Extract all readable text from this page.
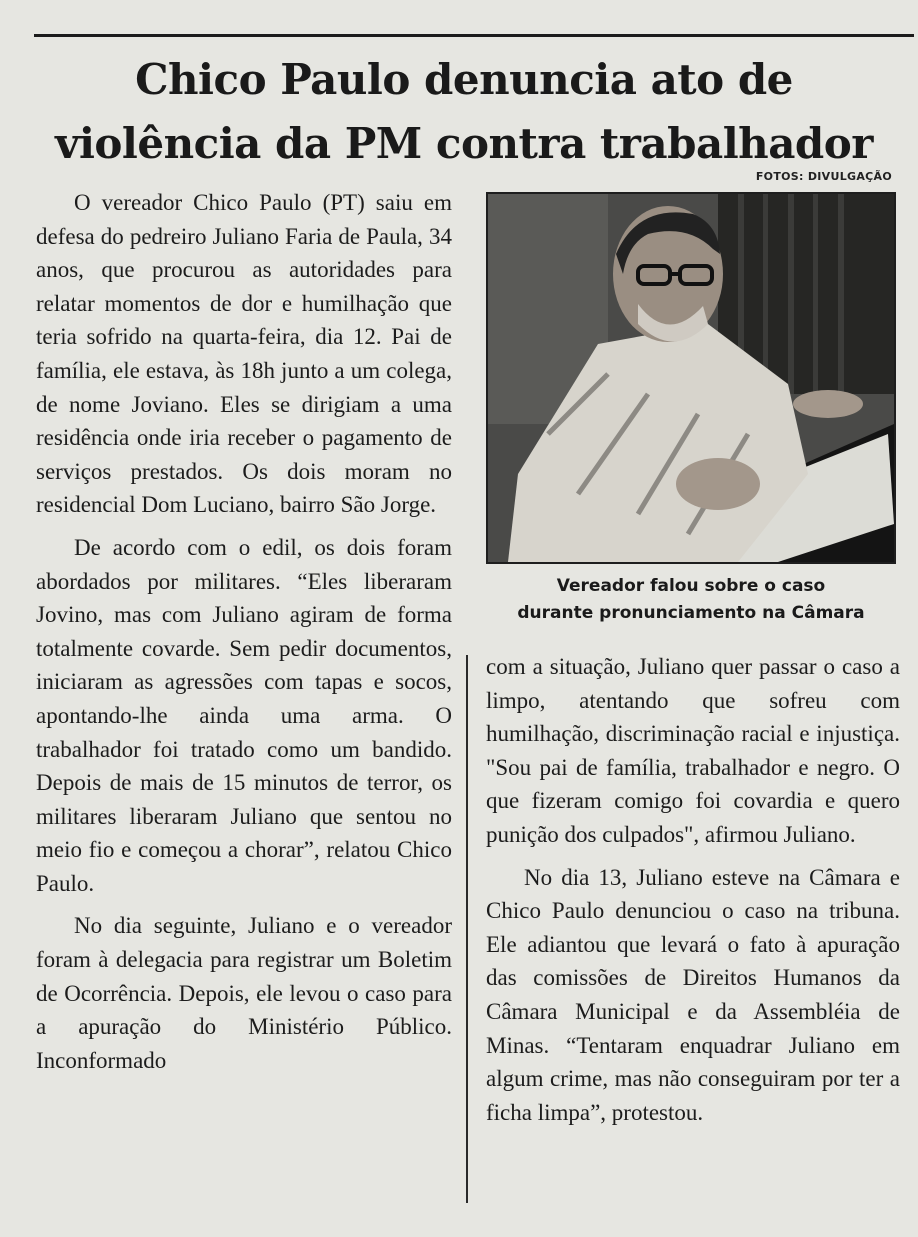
Chico Paulo denuncia ato de
violência da PM contra trabalhador
FOTOS: DIVULGAÇÃO

O vereador Chico Paulo (PT) saiu em defesa do pedreiro Juliano Faria de Paula, 34 anos, que procurou as autoridades para relatar momentos de dor e humilhação que teria sofrido na quarta-feira, dia 12. Pai de família, ele estava, às 18h junto a um colega, de nome Joviano. Eles se dirigiam a uma residência onde iria receber o pagamento de serviços prestados. Os dois moram no residencial Dom Luciano, bairro São Jorge.

De acordo com o edil, os dois foram abordados por militares. “Eles liberaram Jovino, mas com Juliano agiram de forma totalmente covarde. Sem pedir documentos, iniciaram as agressões com tapas e socos, apontando-lhe ainda uma arma. O trabalhador foi tratado como um bandido. Depois de mais de 15 minutos de terror, os militares liberaram Juliano que sentou no meio fio e começou a chorar”, relatou Chico Paulo.

No dia seguinte, Juliano e o vereador foram à delegacia para registrar um Boletim de Ocorrência. Depois, ele levou o caso para a apuração do Ministério Público. Inconformado

Vereador falou sobre o caso
durante pronunciamento na Câmara

com a situação, Juliano quer passar o caso a limpo, atentando que sofreu com humilhação, discriminação racial e injustiça. "Sou pai de família, trabalhador e negro. O que fizeram comigo foi covardia e quero punição dos culpados", afirmou Juliano.

No dia 13, Juliano esteve na Câmara e Chico Paulo denunciou o caso na tribuna. Ele adiantou que levará o fato à apuração das comissões de Direitos Humanos da Câmara Municipal e da Assembléia de Minas. “Tentaram enquadrar Juliano em algum crime, mas não conseguiram por ter a ficha limpa”, protestou.
